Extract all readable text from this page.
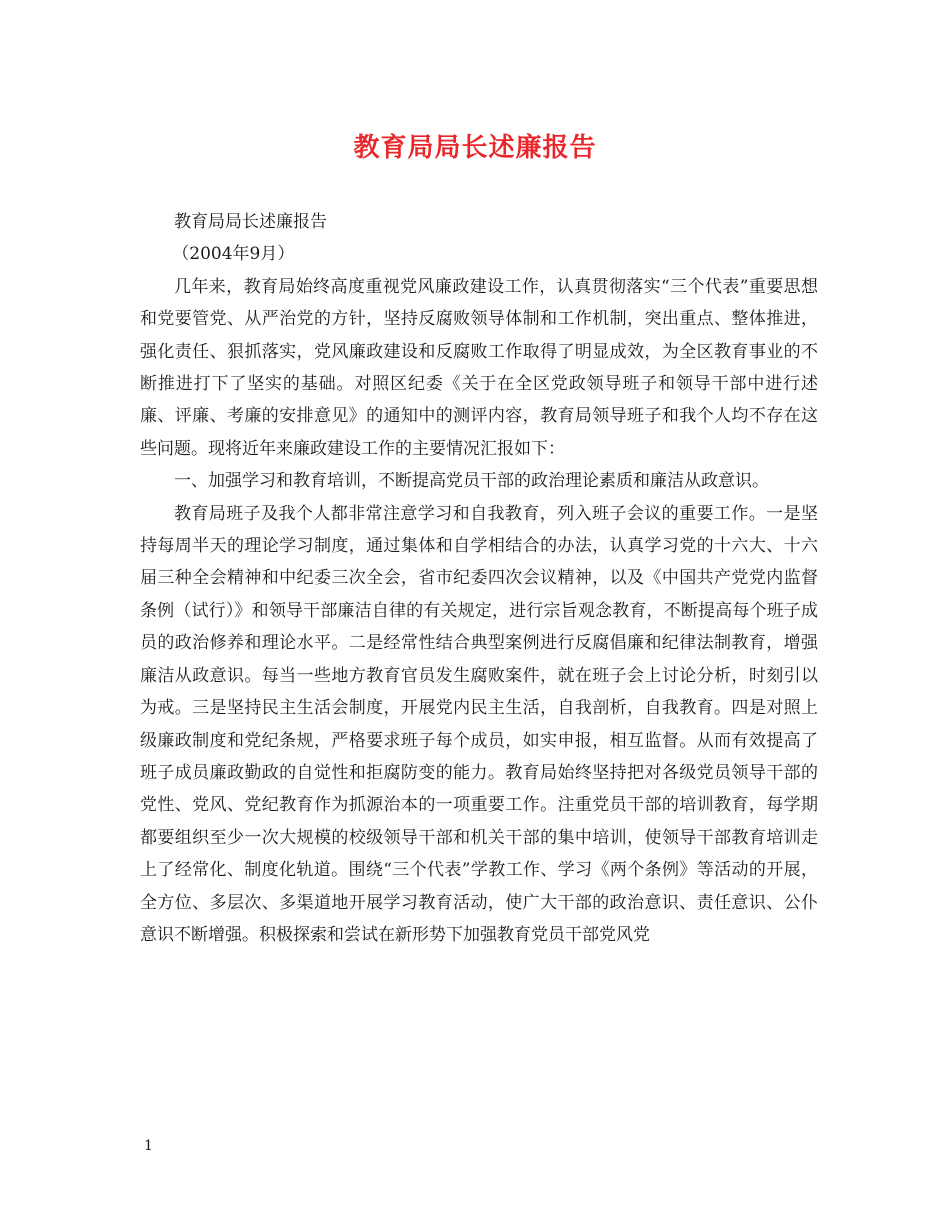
教育局局长述廉报告

教育局局长述廉报告

（2004年9月）

几年来，教育局始终高度重视党风廉政建设工作，认真贯彻落实“三个代表”重要思想和党要管党、从严治党的方针，坚持反腐败领导体制和工作机制，突出重点、整体推进，强化责任、狠抓落实，党风廉政建设和反腐败工作取得了明显成效，为全区教育事业的不断推进打下了坚实的基础。对照区纪委《关于在全区党政领导班子和领导干部中进行述廉、评廉、考廉的安排意见》的通知中的测评内容，教育局领导班子和我个人均不存在这些问题。现将近年来廉政建设工作的主要情况汇报如下：

一、加强学习和教育培训，不断提高党员干部的政治理论素质和廉洁从政意识。

教育局班子及我个人都非常注意学习和自我教育，列入班子会议的重要工作。一是坚持每周半天的理论学习制度，通过集体和自学相结合的办法，认真学习党的十六大、十六届三种全会精神和中纪委三次全会，省市纪委四次会议精神，以及《中国共产党党内监督条例（试行）》和领导干部廉洁自律的有关规定，进行宗旨观念教育，不断提高每个班子成员的政治修养和理论水平。二是经常性结合典型案例进行反腐倡廉和纪律法制教育，增强廉洁从政意识。每当一些地方教育官员发生腐败案件，就在班子会上讨论分析，时刻引以为戒。三是坚持民主生活会制度，开展党内民主生活，自我剖析，自我教育。四是对照上级廉政制度和党纪条规，严格要求班子每个成员，如实申报，相互监督。从而有效提高了班子成员廉政勤政的自觉性和拒腐防变的能力。教育局始终坚持把对各级党员领导干部的党性、党风、党纪教育作为抓源治本的一项重要工作。注重党员干部的培训教育，每学期都要组织至少一次大规模的校级领导干部和机关干部的集中培训，使领导干部教育培训走上了经常化、制度化轨道。围绕“三个代表”学教工作、学习《两个条例》等活动的开展，全方位、多层次、多渠道地开展学习教育活动，使广大干部的政治意识、责任意识、公仆意识不断增强。积极探索和尝试在新形势下加强教育党员干部党风党

1
